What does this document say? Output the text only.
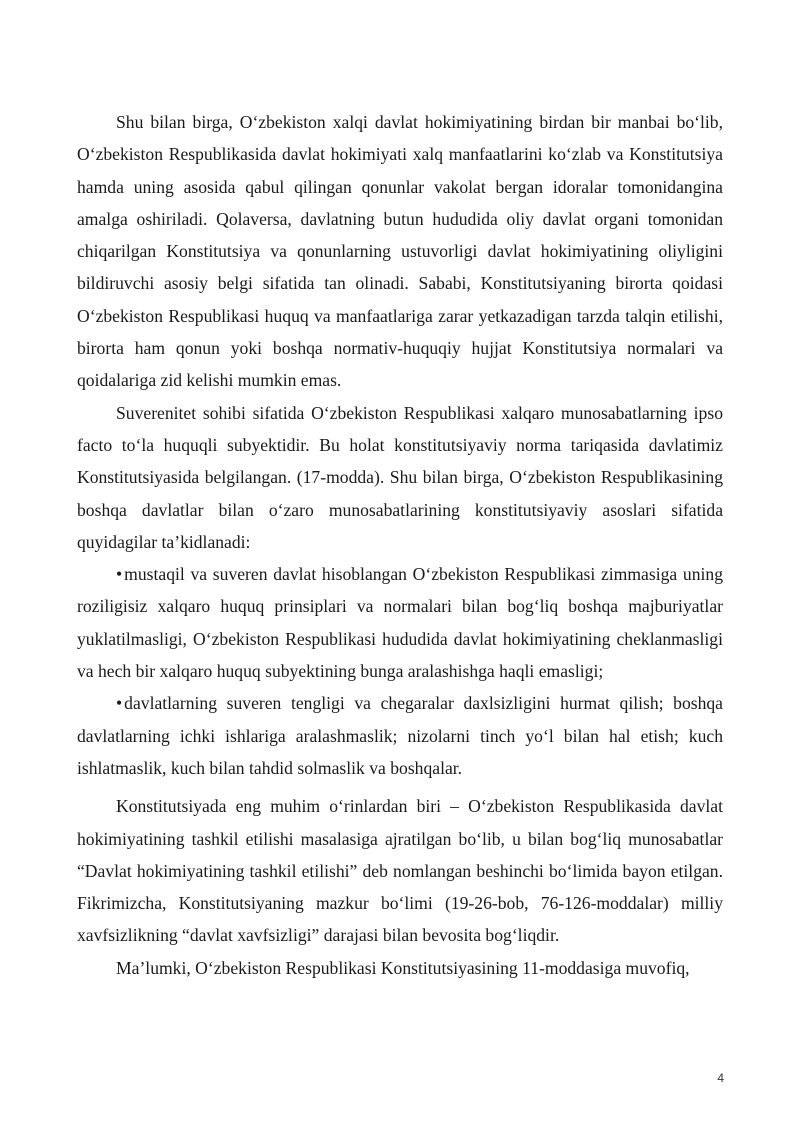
Shu bilan birga, O‘zbekiston xalqi davlat hokimiyatining birdan bir manbai bo‘lib, O‘zbekiston Respublikasida davlat hokimiyati xalq manfaatlarini ko‘zlab va Konstitutsiya hamda uning asosida qabul qilingan qonunlar vakolat bergan idoralar tomonidangina amalga oshiriladi. Qolaversa, davlatning butun hududida oliy davlat organi tomonidan chiqarilgan Konstitutsiya va qonunlarning ustuvorligi davlat hokimiyatining oliyligini bildiruvchi asosiy belgi sifatida tan olinadi. Sababi, Konstitutsiyaning birorta qoidasi O‘zbekiston Respublikasi huquq va manfaatlariga zarar yetkazadigan tarzda talqin etilishi, birorta ham qonun yoki boshqa normativ-huquqiy hujjat Konstitutsiya normalari va qoidalariga zid kelishi mumkin emas.

Suverenitet sohibi sifatida O‘zbekiston Respublikasi xalqaro munosabatlarning ipso facto to‘la huquqli subyektidir. Bu holat konstitutsiyaviy norma tariqasida davlatimiz Konstitutsiyasida belgilangan. (17-modda). Shu bilan birga, O‘zbekiston Respublikasining boshqa davlatlar bilan o‘zaro munosabatlarining konstitutsiyaviy asoslari sifatida quyidagilar ta’kidlanadi:

• mustaqil va suveren davlat hisoblangan O‘zbekiston Respublikasi zimmasiga uning roziligisiz xalqaro huquq prinsiplari va normalari bilan bog‘liq boshqa majburiyatlar yuklatilmasligi, O‘zbekiston Respublikasi hududida davlat hokimiyatining cheklanmasligi va hech bir xalqaro huquq subyektining bunga aralashishga haqli emasligi;

• davlatlarning suveren tengligi va chegaralar daxlsizligini hurmat qilish; boshqa davlatlarning ichki ishlariga aralashmaslik; nizolarni tinch yo‘l bilan hal etish; kuch ishlatmaslik, kuch bilan tahdid solmaslik va boshqalar.

Konstitutsiyada eng muhim o‘rinlardan biri – O‘zbekiston Respublikasida davlat hokimiyatining tashkil etilishi masalasiga ajratilgan bo‘lib, u bilan bog‘liq munosabatlar “Davlat hokimiyatining tashkil etilishi” deb nomlangan beshinchi bo‘limida bayon etilgan. Fikrimizcha, Konstitutsiyaning mazkur bo‘limi (19-26-bob, 76-126-moddalar) milliy xavfsizlikning “davlat xavfsizligi” darajasi bilan bevosita bog‘liqdir.

Ma’lumki, O‘zbekiston Respublikasi Konstitutsiyasining 11-moddasiga muvofiq,

4
